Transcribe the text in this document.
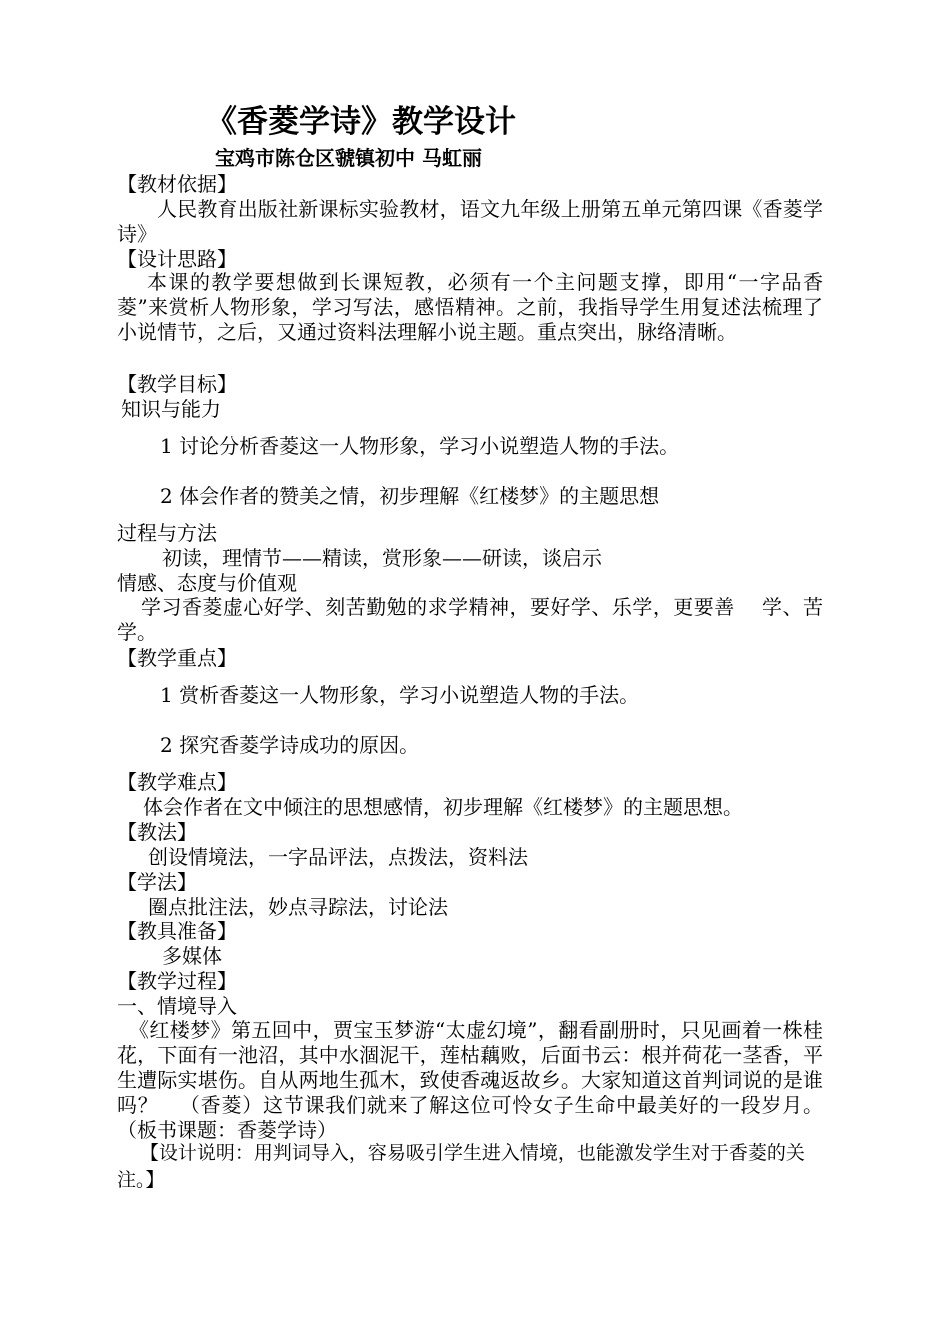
《香菱学诗》教学设计

宝鸡市陈仓区虢镇初中 马虹丽

【教材依据】

人民教育出版社新课标实验教材，语文九年级上册第五单元第四课《香菱学诗》

【设计思路】

本课的教学要想做到长课短教，必须有一个主问题支撑，即用“一字品香菱”来赏析人物形象，学习写法，感悟精神。之前，我指导学生用复述法梳理了小说情节，之后，又通过资料法理解小说主题。重点突出，脉络清晰。

【教学目标】

知识与能力

1 讨论分析香菱这一人物形象，学习小说塑造人物的手法。

2 体会作者的赞美之情，初步理解《红楼梦》的主题思想

过程与方法

初读，理情节——精读，赏形象——研读，谈启示

情感、态度与价值观

学习香菱虚心好学、刻苦勤勉的求学精神，要好学、乐学，更要善    学、苦学。

【教学重点】

1 赏析香菱这一人物形象，学习小说塑造人物的手法。

2 探究香菱学诗成功的原因。

【教学难点】

体会作者在文中倾注的思想感情，初步理解《红楼梦》的主题思想。

【教法】

创设情境法，一字品评法，点拨法，资料法

【学法】

圈点批注法，妙点寻踪法，讨论法

【教具准备】

多媒体

【教学过程】

一、情境导入

《红楼梦》第五回中，贾宝玉梦游“太虚幻境”，翻看副册时，只见画着一株桂花，下面有一池沼，其中水涸泥干，莲枯藕败，后面书云：根并荷花一茎香，平生遭际实堪伤。自从两地生孤木，致使香魂返故乡。大家知道这首判词说的是谁吗？   （香菱）这节课我们就来了解这位可怜女子生命中最美好的一段岁月。（板书课题：香菱学诗）

【设计说明：用判词导入，容易吸引学生进入情境，也能激发学生对于香菱的关注。】
